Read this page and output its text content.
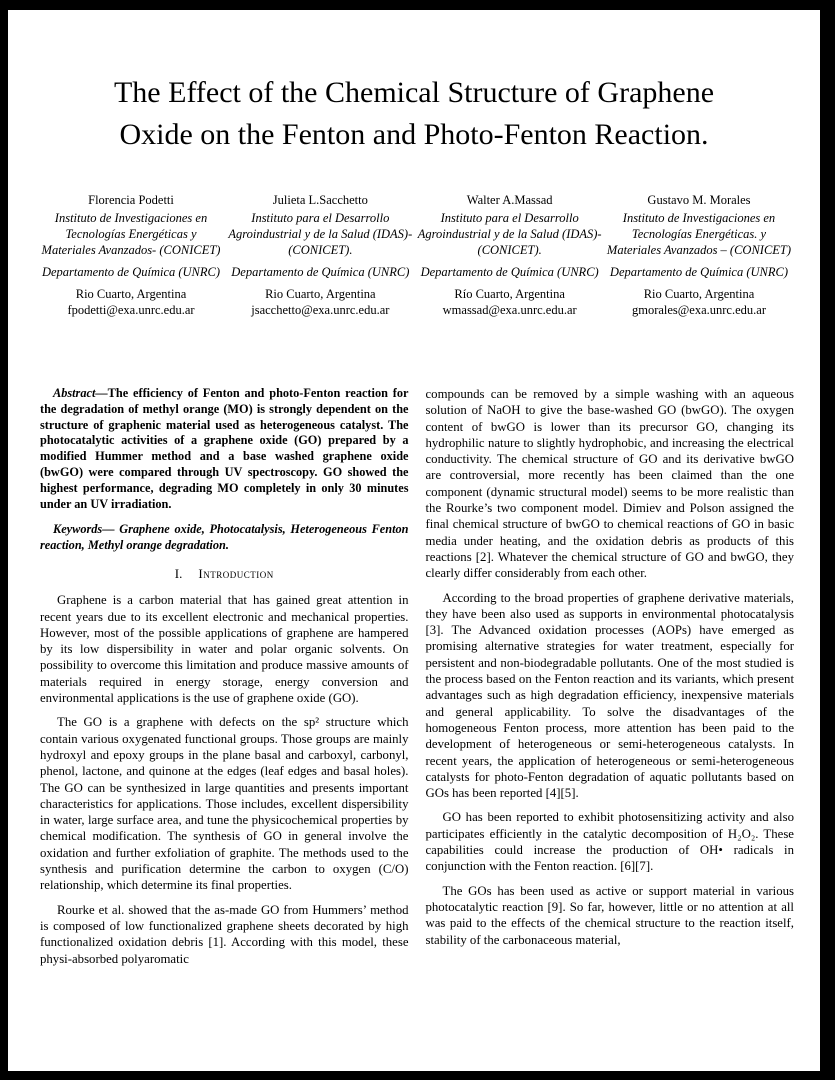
The Effect of the Chemical Structure of Graphene
Oxide on the Fenton and Photo-Fenton Reaction.
Florencia Podetti
Instituto de Investigaciones en Tecnologías Energéticas y Materiales Avanzados- (CONICET)
Departamento de Química (UNRC)
Rio Cuarto, Argentina
fpodetti@exa.unrc.edu.ar
Julieta L.Sacchetto
Instituto para el Desarrollo Agroindustrial y de la Salud (IDAS)- (CONICET).
Departamento de Química (UNRC)
Rio Cuarto, Argentina
jsacchetto@exa.unrc.edu.ar
Walter A.Massad
Instituto para el Desarrollo Agroindustrial y de la Salud (IDAS)- (CONICET).
Departamento de Química (UNRC)
Río Cuarto, Argentina
wmassad@exa.unrc.edu.ar
Gustavo M. Morales
Instituto de Investigaciones en Tecnologías Energéticas. y Materiales Avanzados – (CONICET)
Departamento de Química (UNRC)
Rio Cuarto, Argentina
gmorales@exa.unrc.edu.ar

Abstract—The efficiency of Fenton and photo-Fenton reaction for the degradation of methyl orange (MO) is strongly dependent on the structure of graphenic material used as heterogeneous catalyst. The photocatalytic activities of a graphene oxide (GO) prepared by a modified Hummer method and a base washed graphene oxide (bwGO) were compared through UV spectroscopy. GO showed the highest performance, degrading MO completely in only 30 minutes under an UV irradiation.

Keywords— Graphene oxide, Photocatalysis, Heterogeneous Fenton reaction, Methyl orange degradation.

I. Introduction

Graphene is a carbon material that has gained great attention in recent years due to its excellent electronic and mechanical properties. However, most of the possible applications of graphene are hampered by its low dispersibility in water and polar organic solvents. On possibility to overcome this limitation and produce massive amounts of materials required in energy storage, energy conversion and environmental applications is the use of graphene oxide (GO).

The GO is a graphene with defects on the sp² structure which contain various oxygenated functional groups. Those groups are mainly hydroxyl and epoxy groups in the plane basal and carboxyl, carbonyl, phenol, lactone, and quinone at the edges (leaf edges and basal holes). The GO can be synthesized in large quantities and presents important characteristics for applications. Those includes, excellent dispersibility in water, large surface area, and tune the physicochemical properties by chemical modification. The synthesis of GO in general involve the oxidation and further exfoliation of graphite. The methods used to the synthesis and purification determine the carbon to oxygen (C/O) relationship, which determine its final properties.

Rourke et al. showed that the as-made GO from Hummers’ method is composed of low functionalized graphene sheets decorated by high functionalized oxidation debris [1]. According with this model, these physi-absorbed polyaromatic

compounds can be removed by a simple washing with an aqueous solution of NaOH to give the base-washed GO (bwGO). The oxygen content of bwGO is lower than its precursor GO, changing its hydrophilic nature to slightly hydrophobic, and increasing the electrical conductivity. The chemical structure of GO and its derivative bwGO are controversial, more recently has been claimed than the one component (dynamic structural model) seems to be more realistic than the Rourke’s two component model. Dimiev and Polson assigned the final chemical structure of bwGO to chemical reactions of GO in basic media under heating, and the oxidation debris as products of this reactions [2]. Whatever the chemical structure of GO and bwGO, they clearly differ considerably from each other.

According to the broad properties of graphene derivative materials, they have been also used as supports in environmental photocatalysis [3]. The Advanced oxidation processes (AOPs) have emerged as promising alternative strategies for water treatment, especially for persistent and non-biodegradable pollutants. One of the most studied is the process based on the Fenton reaction and its variants, which present advantages such as high degradation efficiency, inexpensive materials and general applicability. To solve the disadvantages of the homogeneous Fenton process, more attention has been paid to the development of heterogeneous or semi-heterogeneous catalysts. In recent years, the application of heterogeneous or semi-heterogeneous catalysts for photo-Fenton degradation of aquatic pollutants based on GOs has been reported [4][5].

GO has been reported to exhibit photosensitizing activity and also participates efficiently in the catalytic decomposition of H₂O₂. These capabilities could increase the production of OH• radicals in conjunction with the Fenton reaction. [6][7].

The GOs has been used as active or support material in various photocatalytic reaction [9]. So far, however, little or no attention at all was paid to the effects of the chemical structure to the reaction itself, stability of the carbonaceous material,
